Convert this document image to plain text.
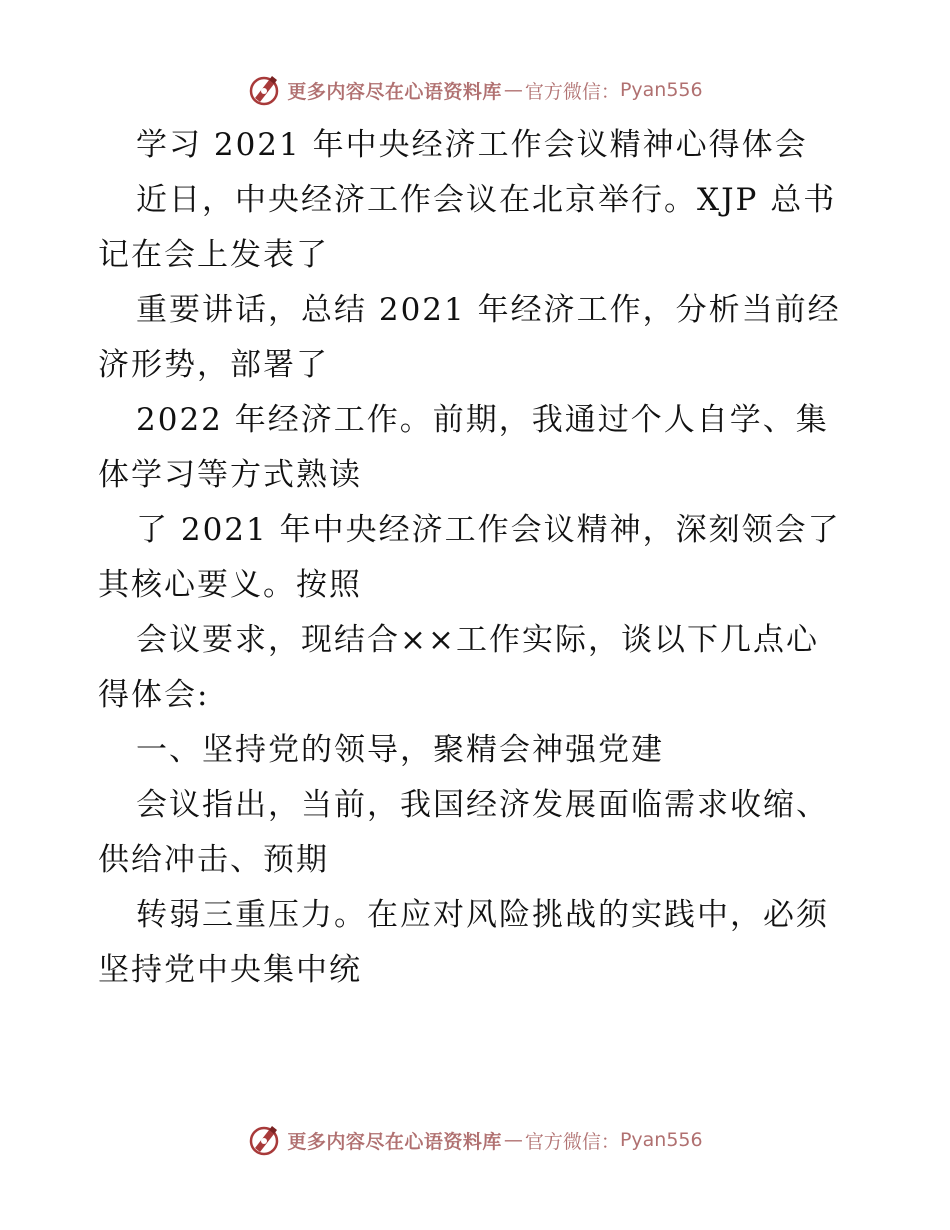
更多内容尽在心语资料库 — 官方微信： Pyan556
学习 2021 年中央经济工作会议精神心得体会
近日，中央经济工作会议在北京举行。XJP 总书
记在会上发表了
重要讲话，总结 2021 年经济工作，分析当前经
济形势，部署了
2022 年经济工作。前期，我通过个人自学、集
体学习等方式熟读
了 2021 年中央经济工作会议精神，深刻领会了
其核心要义。按照
会议要求，现结合××工作实际，谈以下几点心
得体会:
一、坚持党的领导，聚精会神强党建
会议指出，当前，我国经济发展面临需求收缩、
供给冲击、预期
转弱三重压力。在应对风险挑战的实践中，必须
坚持党中央集中统
更多内容尽在心语资料库 — 官方微信： Pyan556
